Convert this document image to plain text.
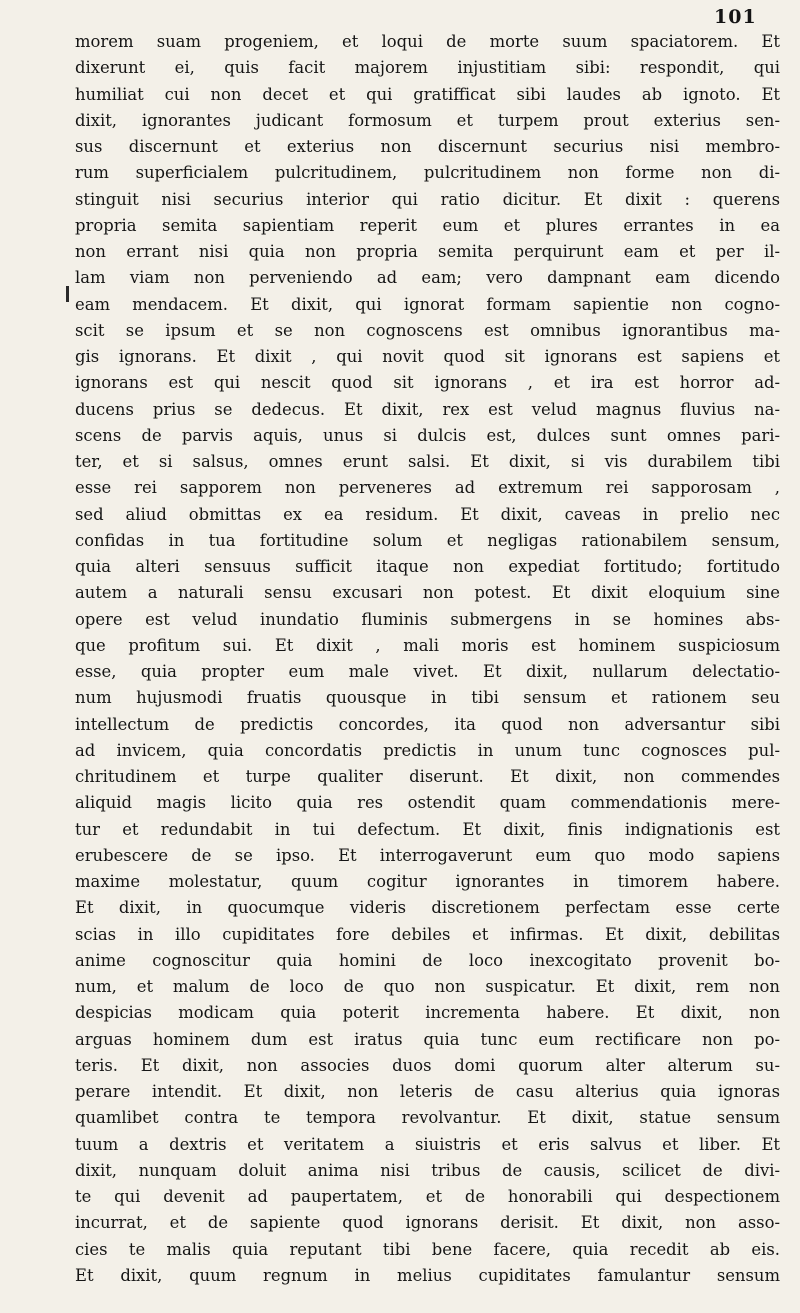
101
morem suam progeniem, et loqui de morte suum spaciatorem. Et
dixerunt ei, quis facit majorem injustitiam sibi: respondit, qui
humiliat cui non decet et qui gratifficat sibi laudes ab ignoto. Et
dixit, ignorantes judicant formosum et turpem prout exterius sen-
sus discernunt et exterius non discernunt securius nisi membro-
rum superficialem pulcritudinem, pulcritudinem non forme non di-
stinguit nisi securius interior qui ratio dicitur. Et dixit : querens
propria semita sapientiam reperit eum et plures errantes in ea
non errant nisi quia non propria semita perquirunt eam et per il-
lam viam non perveniendo ad eam; vero dampnant eam dicendo
eam mendacem. Et dixit, qui ignorat formam sapientie non cogno-
scit se ipsum et se non cognoscens est omnibus ignorantibus ma-
gis ignorans. Et dixit , qui novit quod sit ignorans est sapiens et
ignorans est qui nescit quod sit ignorans , et ira est horror ad-
ducens prius se dedecus. Et dixit, rex est velud magnus fluvius na-
scens de parvis aquis, unus si dulcis est, dulces sunt omnes pari-
ter, et si salsus, omnes erunt salsi. Et dixit, si vis durabilem tibi
esse rei sapporem non perveneres ad extremum rei sapporosam ,
sed aliud obmittas ex ea residum. Et dixit, caveas in prelio nec
confidas in tua fortitudine solum et negligas rationabilem sensum,
quia alteri sensuus sufficit itaque non expediat fortitudo; fortitudo
autem a naturali sensu excusari non potest. Et dixit eloquium sine
opere est velud inundatio fluminis submergens in se homines abs-
que profitum sui. Et dixit , mali moris est hominem suspiciosum
esse, quia propter eum male vivet. Et dixit, nullarum delectatio-
num hujusmodi fruatis quousque in tibi sensum et rationem seu
intellectum de predictis concordes, ita quod non adversantur sibi
ad invicem, quia concordatis predictis in unum tunc cognosces pul-
chritudinem et turpe qualiter diserunt. Et dixit, non commendes
aliquid magis licito quia res ostendit quam commendationis mere-
tur et redundabit in tui defectum. Et dixit, finis indignationis est
erubescere de se ipso. Et interrogaverunt eum quo modo sapiens
maxime molestatur, quum cogitur ignorantes in timorem habere.
Et dixit, in quocumque videris discretionem perfectam esse certe
scias in illo cupiditates fore debiles et infirmas. Et dixit, debilitas
anime cognoscitur quia homini de loco inexcogitato provenit bo-
num, et malum de loco de quo non suspicatur. Et dixit, rem non
despicias modicam quia poterit incrementa habere. Et dixit, non
arguas hominem dum est iratus quia tunc eum rectificare non po-
teris. Et dixit, non associes duos domi quorum alter alterum su-
perare intendit. Et dixit, non leteris de casu alterius quia ignoras
quamlibet contra te tempora revolvantur. Et dixit, statue sensum
tuum a dextris et veritatem a siuistris et eris salvus et liber. Et
dixit, nunquam doluit anima nisi tribus de causis, scilicet de divi-
te qui devenit ad paupertatem, et de honorabili qui despectionem
incurrat, et de sapiente quod ignorans derisit. Et dixit, non asso-
cies te malis quia reputant tibi bene facere, quia recedit ab eis.
Et dixit, quum regnum in melius cupiditates famulantur sensum
